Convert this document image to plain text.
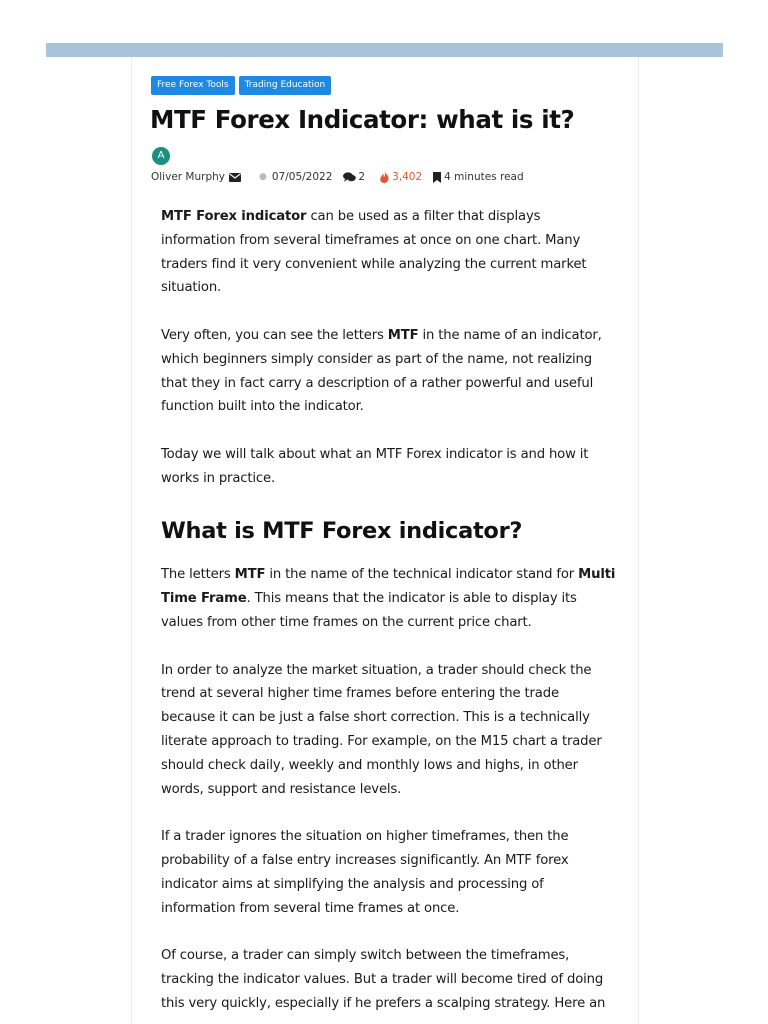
Free Forex Tools	Trading Education
MTF Forex Indicator: what is it?
A
Oliver Murphy	● 07/05/2022 2	3,402 4 minutes read

MTF Forex indicator can be used as a filter that displays information from several timeframes at once on one chart. Many traders find it very convenient while analyzing the current market situation.

Very often, you can see the letters MTF in the name of an indicator, which beginners simply consider as part of the name, not realizing that they in fact carry a description of a rather powerful and useful function built into the indicator.

Today we will talk about what an MTF Forex indicator is and how it works in practice.

What is MTF Forex indicator?

The letters MTF in the name of the technical indicator stand for Multi Time Frame. This means that the indicator is able to display its values from other time frames on the current price chart.

In order to analyze the market situation, a trader should check the trend at several higher time frames before entering the trade because it can be just a false short correction. This is a technically literate approach to trading. For example, on the M15 chart a trader should check daily, weekly and monthly lows and highs, in other words, support and resistance levels.

If a trader ignores the situation on higher timeframes, then the probability of a false entry increases significantly. An MTF forex indicator aims at simplifying the analysis and processing of information from several time frames at once.

Of course, a trader can simply switch between the timeframes, tracking the indicator values. But a trader will become tired of doing this very quickly, especially if he prefers a scalping strategy. Here an
